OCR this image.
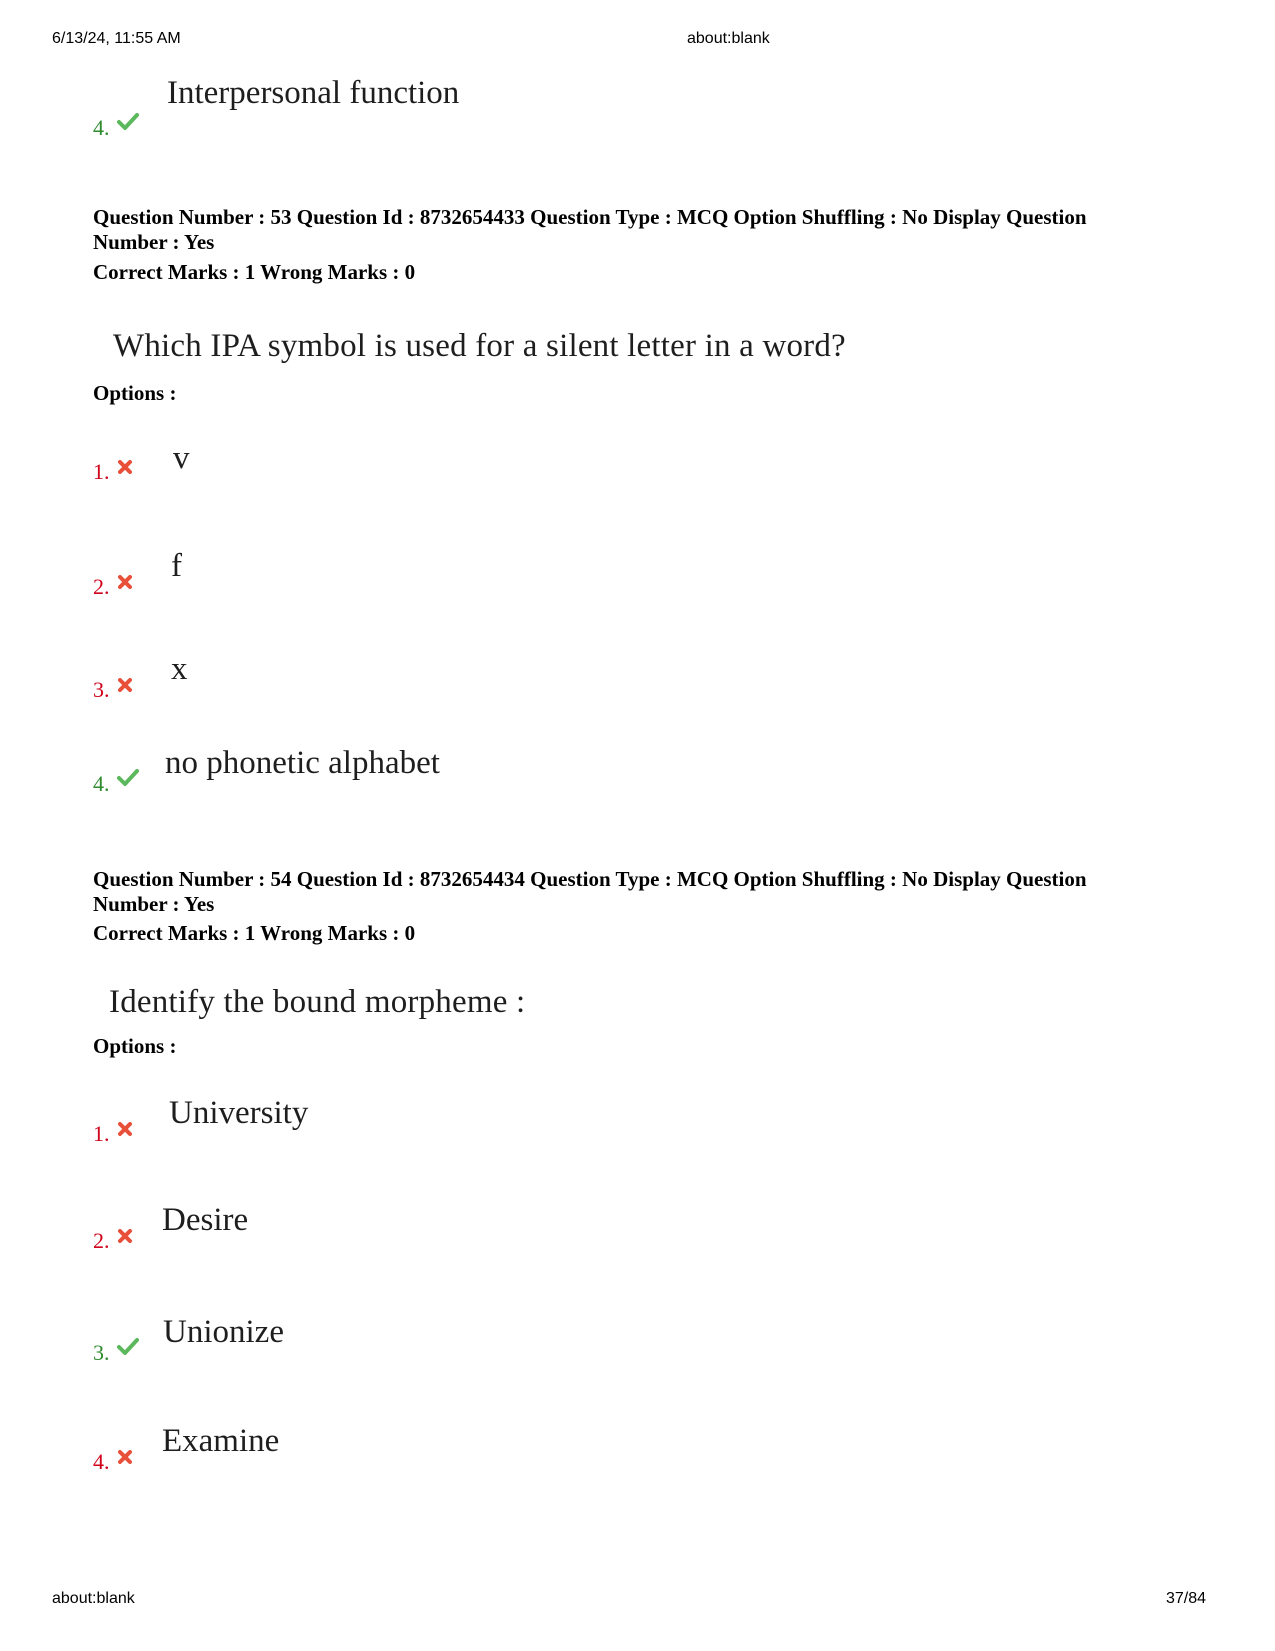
6/13/24, 11:55 AM	about:blank
Interpersonal function
4.
Question Number : 53 Question Id : 8732654433 Question Type : MCQ Option Shuffling : No Display Question
Number : Yes
Correct Marks : 1 Wrong Marks : 0
Which IPA symbol is used for a silent letter in a word?
Options :
v
1.
f
2.
x
3.
no phonetic alphabet
4.
Question Number : 54 Question Id : 8732654434 Question Type : MCQ Option Shuffling : No Display Question
Number : Yes
Correct Marks : 1 Wrong Marks : 0
Identify the bound morpheme :
Options :
University
1.
Desire
2.
Unionize
3.
Examine
4.
about:blank	37/84
